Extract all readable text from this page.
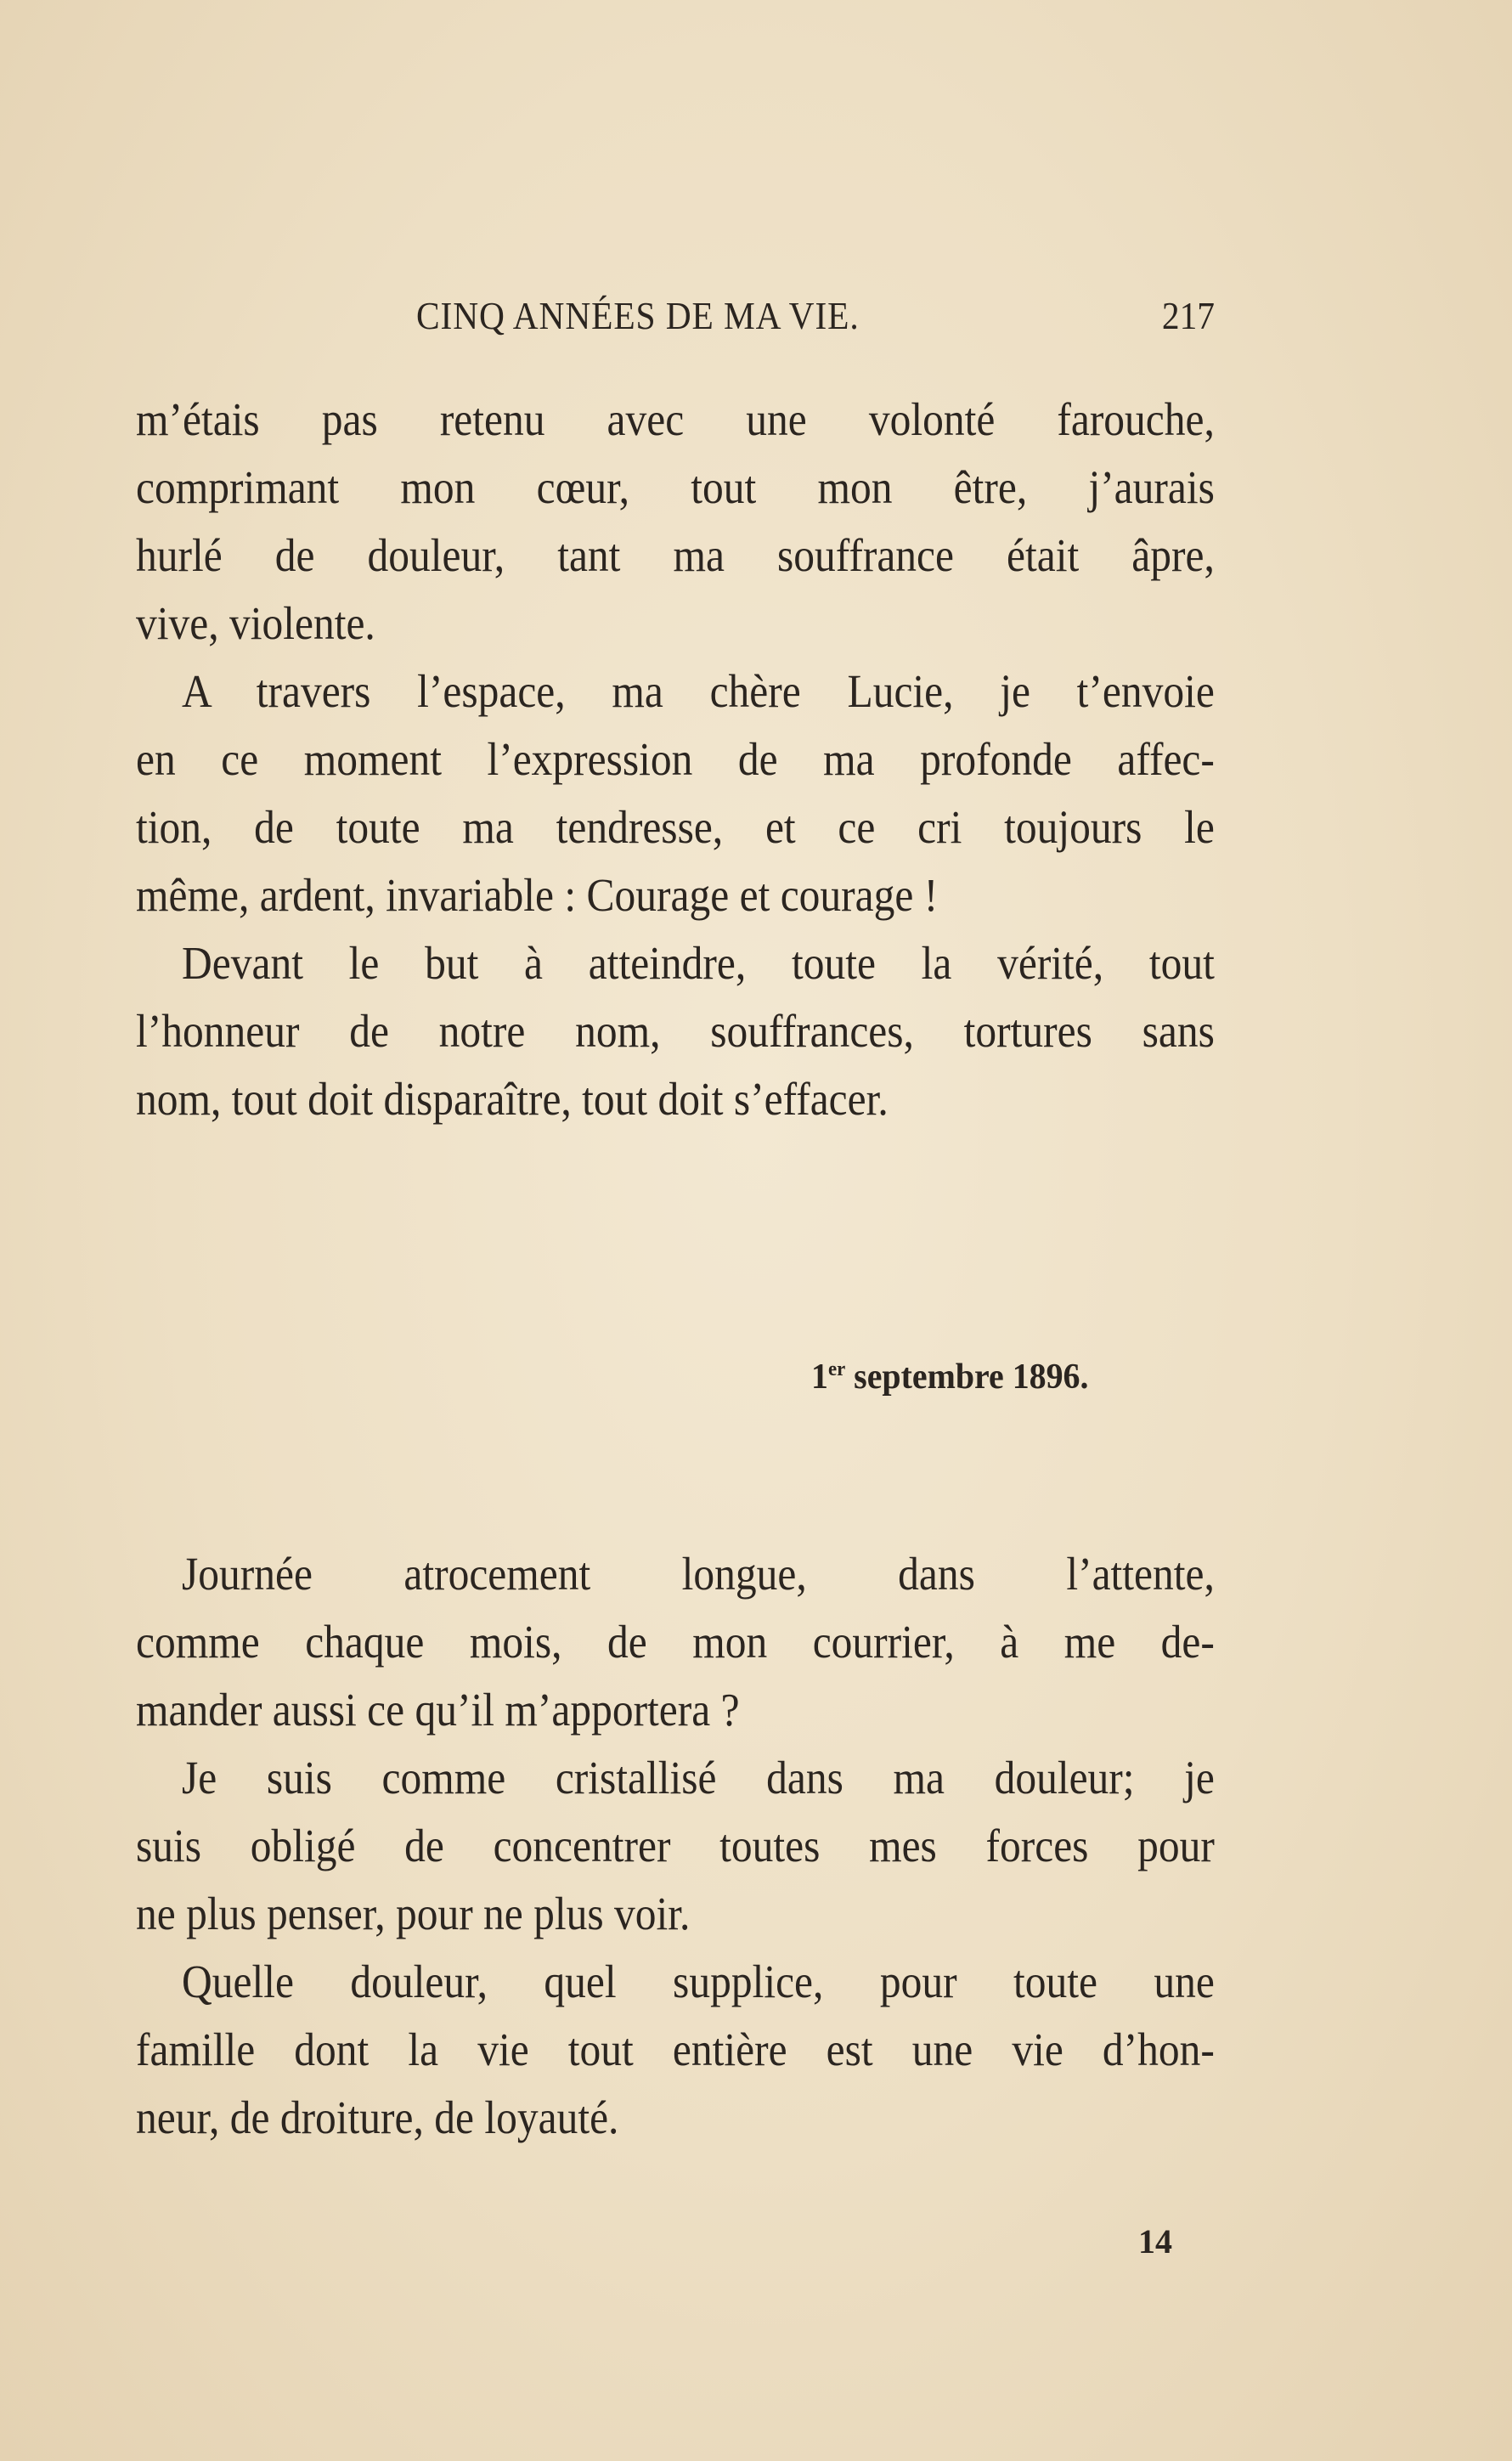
CINQ ANNÉES DE MA VIE.	217
m’étais pas retenu avec une volonté farouche,
comprimant mon cœur, tout mon être, j’aurais
hurlé de douleur, tant ma souffrance était âpre,
vive, violente.
A travers l’espace, ma chère Lucie, je t’envoie
en ce moment l’expression de ma profonde affec-
tion, de toute ma tendresse, et ce cri toujours le
même, ardent, invariable : Courage et courage !
Devant le but à atteindre, toute la vérité, tout
l’honneur de notre nom, souffrances, tortures sans
nom, tout doit disparaître, tout doit s’effacer.
1er septembre 1896.
Journée atrocement longue, dans l’attente,
comme chaque mois, de mon courrier, à me de-
mander aussi ce qu’il m’apportera ?
Je suis comme cristallisé dans ma douleur; je
suis obligé de concentrer toutes mes forces pour
ne plus penser, pour ne plus voir.
Quelle douleur, quel supplice, pour toute une
famille dont la vie tout entière est une vie d’hon-
neur, de droiture, de loyauté.
14
